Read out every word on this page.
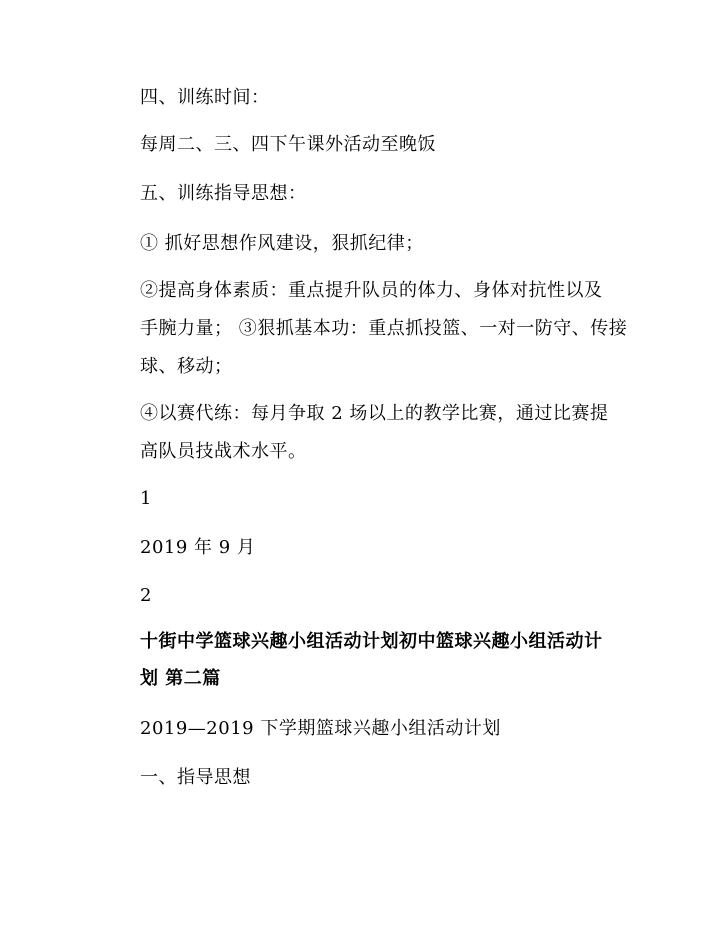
四、训练时间：
每周二、三、四下午课外活动至晚饭
五、训练指导思想：
① 抓好思想作风建设，狠抓纪律；
②提高身体素质：重点提升队员的体力、身体对抗性以及
手腕力量； ③狠抓基本功：重点抓投篮、一对一防守、传接
球、移动；
④以赛代练：每月争取 2 场以上的教学比赛，通过比赛提
高队员技战术水平。
1
2019 年 9 月
2
十街中学篮球兴趣小组活动计划初中篮球兴趣小组活动计
划 第二篇
2019—2019 下学期篮球兴趣小组活动计划
一、指导思想
